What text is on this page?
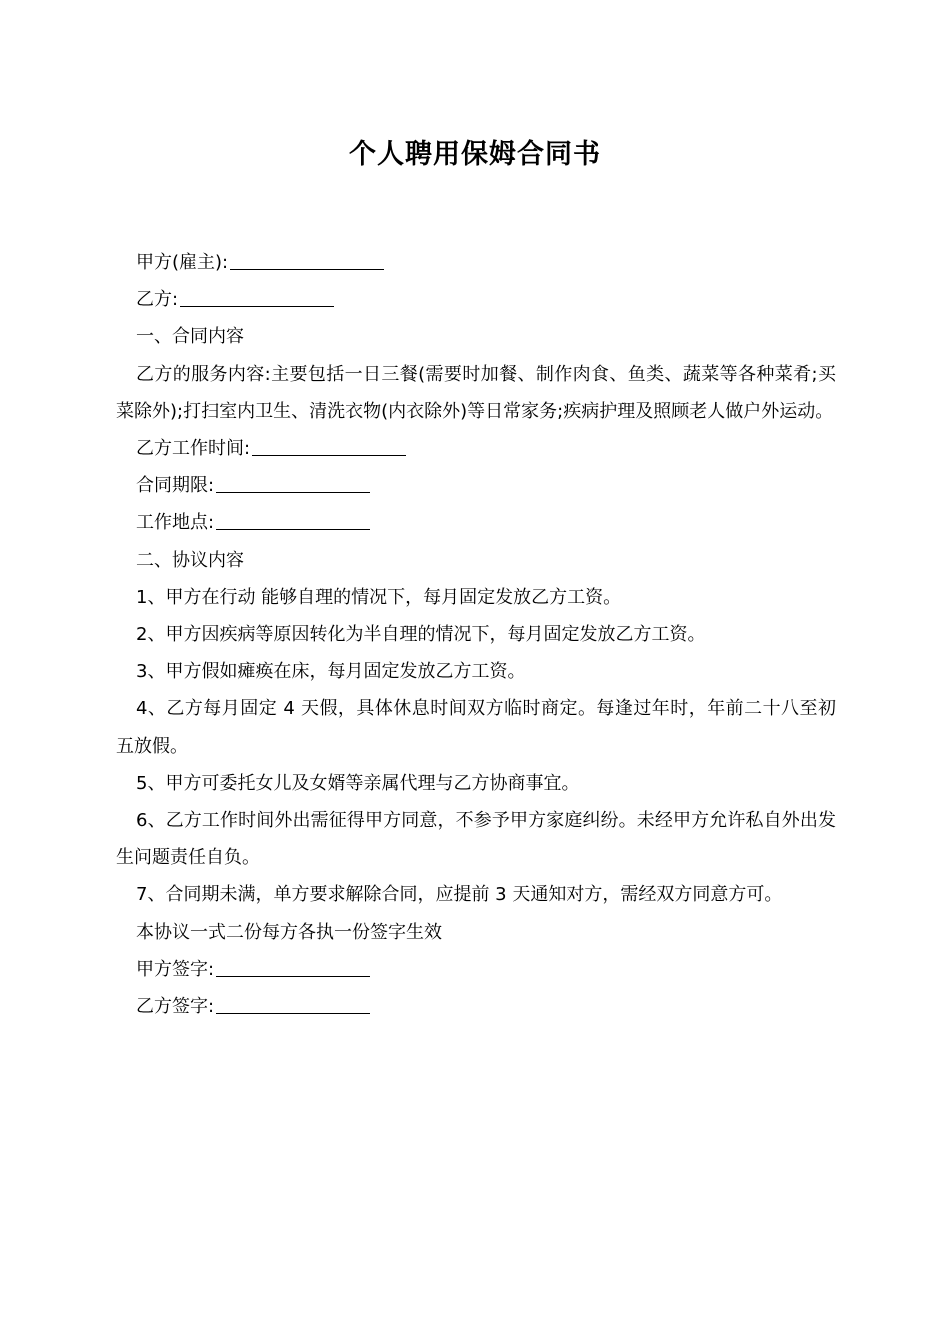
个人聘用保姆合同书

甲方(雇主):

乙方:

一、合同内容

乙方的服务内容:主要包括一日三餐(需要时加餐、制作肉食、鱼类、蔬菜等各种菜肴;买菜除外);打扫室内卫生、清洗衣物(内衣除外)等日常家务;疾病护理及照顾老人做户外运动。

乙方工作时间:

合同期限:

工作地点:

二、协议内容

1、甲方在行动 能够自理的情况下，每月固定发放乙方工资。

2、甲方因疾病等原因转化为半自理的情况下，每月固定发放乙方工资。

3、甲方假如瘫痪在床，每月固定发放乙方工资。

4、乙方每月固定 4 天假，具体休息时间双方临时商定。每逢过年时，年前二十八至初五放假。

5、甲方可委托女儿及女婿等亲属代理与乙方协商事宜。

6、乙方工作时间外出需征得甲方同意，不参予甲方家庭纠纷。未经甲方允许私自外出发生问题责任自负。

7、合同期未满，单方要求解除合同，应提前 3 天通知对方，需经双方同意方可。

本协议一式二份每方各执一份签字生效

甲方签字:

乙方签字:
